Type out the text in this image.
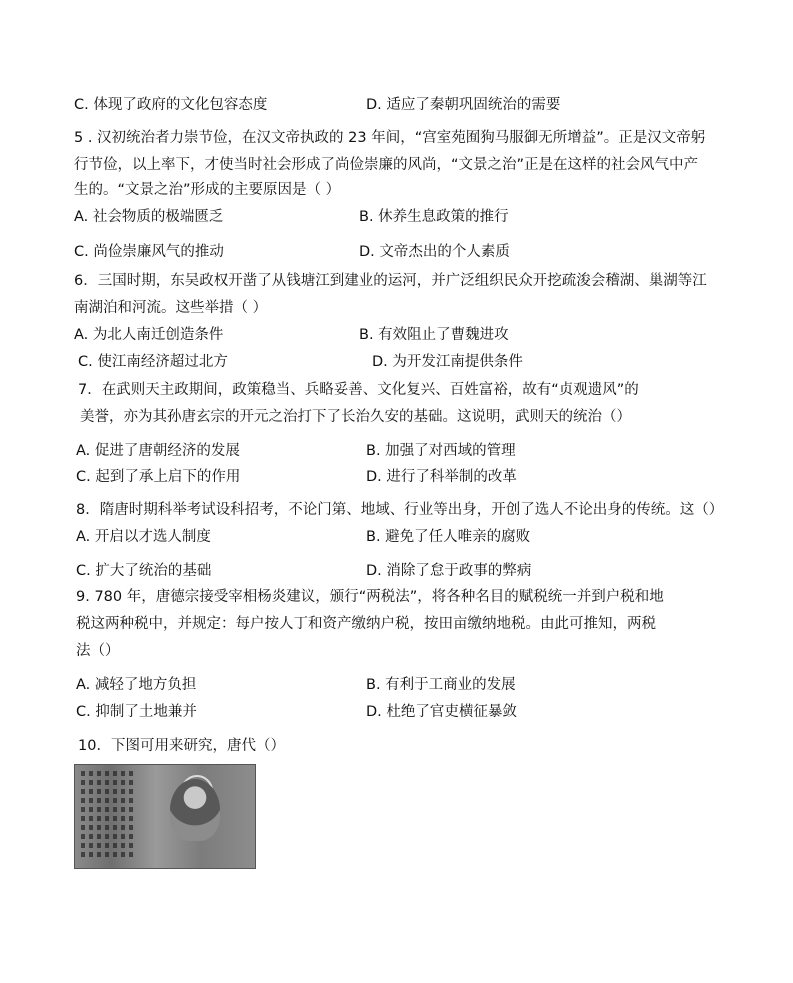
C. 体现了政府的文化包容态度	D. 适应了秦朝巩固统治的需要
5 . 汉初统治者力崇节俭，在汉文帝执政的 23 年间，“宫室苑囿狗马服御无所增益”。正是汉文帝躬
行节俭，以上率下，才使当时社会形成了尚俭崇廉的风尚，“文景之治”正是在这样的社会风气中产
生的。“文景之治”形成的主要原因是（ ）
A. 社会物质的极端匮乏	B. 休养生息政策的推行
C. 尚俭崇廉风气的推动	D. 文帝杰出的个人素质
6．三国时期，东吴政权开凿了从钱塘江到建业的运河，并广泛组织民众开挖疏浚会稽湖、巢湖等江
南湖泊和河流。这些举措（ ）
A. 为北人南迁创造条件	B. 有效阻止了曹魏进攻
C. 使江南经济超过北方	D. 为开发江南提供条件
7．在武则天主政期间，政策稳当、兵略妥善、文化复兴、百姓富裕，故有“贞观遗风”的
美誉，亦为其孙唐玄宗的开元之治打下了长治久安的基础。这说明，武则天的统治（）
A. 促进了唐朝经济的发展	B. 加强了对西域的管理
C. 起到了承上启下的作用	D. 进行了科举制的改革
8．隋唐时期科举考试设科招考，不论门第、地域、行业等出身，开创了选人不论出身的传统。这（）
A. 开启以才选人制度	B. 避免了任人唯亲的腐败
C. 扩大了统治的基础	D. 消除了怠于政事的弊病
9. 780 年，唐德宗接受宰相杨炎建议，颁行“两税法”，将各种名目的赋税统一并到户税和地
税这两种税中，并规定：每户按人丁和资产缴纳户税，按田亩缴纳地税。由此可推知，两税
法（）
A. 减轻了地方负担	B. 有利于工商业的发展
C. 抑制了土地兼并	D. 杜绝了官吏横征暴敛
10．下图可用来研究，唐代（）
